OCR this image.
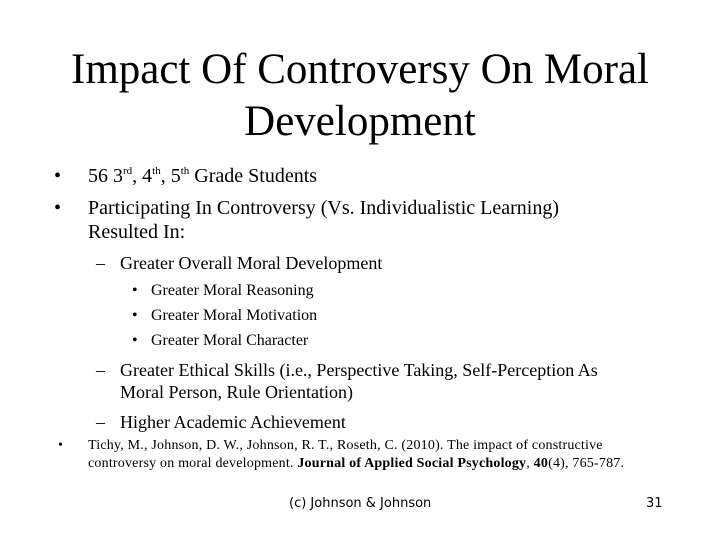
Impact Of Controversy On Moral
Development
• 56 3rd, 4th, 5th Grade Students
• Participating In Controversy (Vs. Individualistic Learning)
Resulted In:
– Greater Overall Moral Development
• Greater Moral Reasoning
• Greater Moral Motivation
• Greater Moral Character
– Greater Ethical Skills (i.e., Perspective Taking, Self-Perception As
Moral Person, Rule Orientation)
– Higher Academic Achievement
• Tichy, M., Johnson, D. W., Johnson, R. T., Roseth, C. (2010). The impact of constructive controversy on moral development. Journal of Applied Social Psychology, 40(4), 765-787.
(c) Johnson & Johnson	31
